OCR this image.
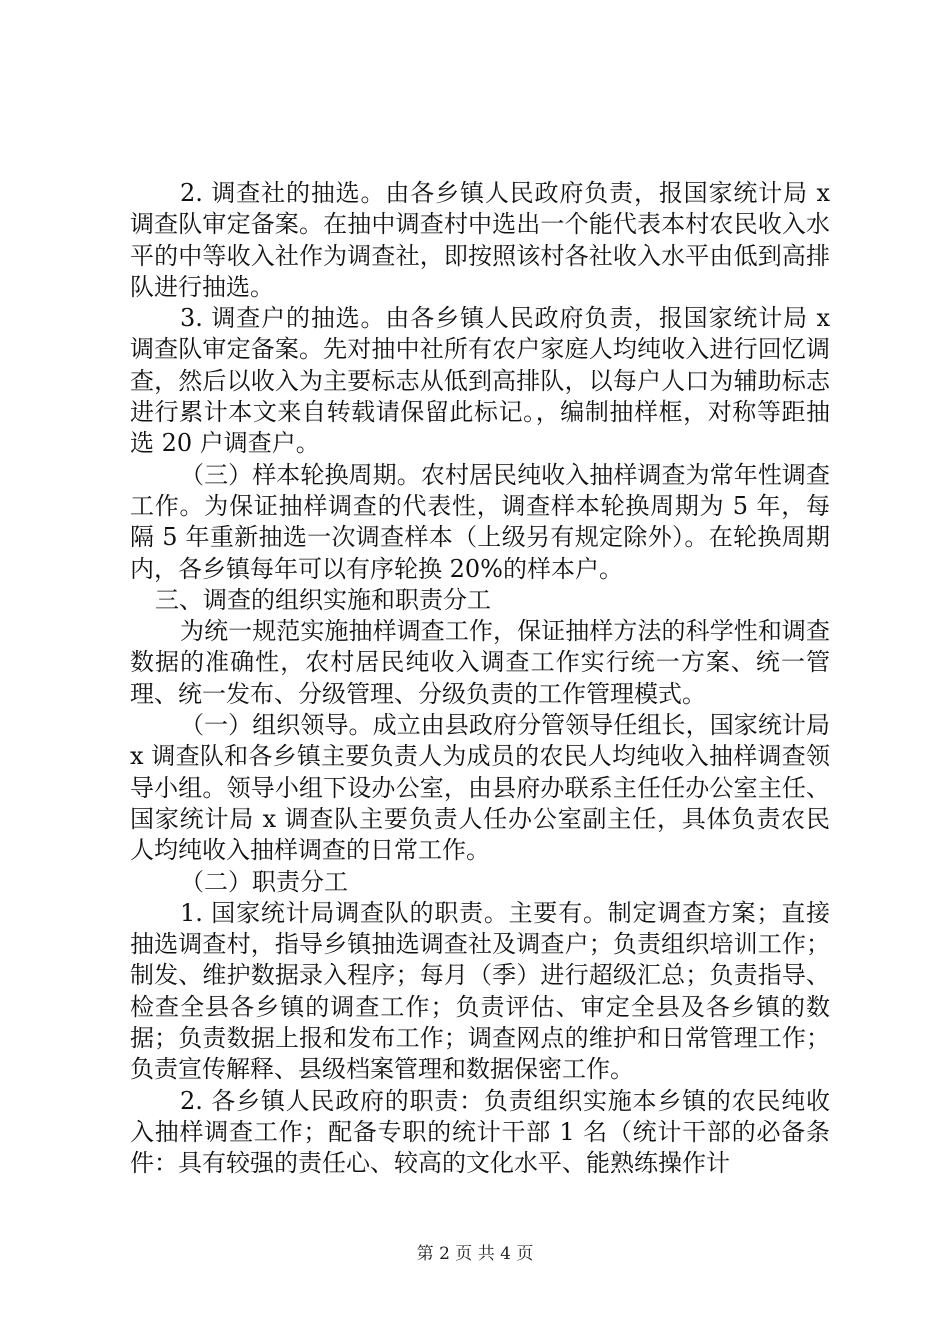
2. 调查社的抽选。由各乡镇人民政府负责，报国家统计局 x 调查队审定备案。在抽中调查村中选出一个能代表本村农民收入水平的中等收入社作为调查社，即按照该村各社收入水平由低到高排队进行抽选。

3. 调查户的抽选。由各乡镇人民政府负责，报国家统计局 x 调查队审定备案。先对抽中社所有农户家庭人均纯收入进行回忆调查，然后以收入为主要标志从低到高排队，以每户人口为辅助标志进行累计本文来自转载请保留此标记。，编制抽样框，对称等距抽选 20 户调查户。

（三）样本轮换周期。农村居民纯收入抽样调查为常年性调查工作。为保证抽样调查的代表性，调查样本轮换周期为 5 年，每隔 5 年重新抽选一次调查样本（上级另有规定除外）。在轮换周期内，各乡镇每年可以有序轮换 20%的样本户。

三、调查的组织实施和职责分工

为统一规范实施抽样调查工作，保证抽样方法的科学性和调查数据的准确性，农村居民纯收入调查工作实行统一方案、统一管理、统一发布、分级管理、分级负责的工作管理模式。

（一）组织领导。成立由县政府分管领导任组长，国家统计局 x 调查队和各乡镇主要负责人为成员的农民人均纯收入抽样调查领导小组。领导小组下设办公室，由县府办联系主任任办公室主任、国家统计局 x 调查队主要负责人任办公室副主任，具体负责农民人均纯收入抽样调查的日常工作。

（二）职责分工

1. 国家统计局调查队的职责。主要有。制定调查方案；直接抽选调查村，指导乡镇抽选调查社及调查户；负责组织培训工作；制发、维护数据录入程序；每月（季）进行超级汇总；负责指导、检查全县各乡镇的调查工作；负责评估、审定全县及各乡镇的数据；负责数据上报和发布工作；调查网点的维护和日常管理工作；负责宣传解释、县级档案管理和数据保密工作。

2. 各乡镇人民政府的职责：负责组织实施本乡镇的农民纯收入抽样调查工作；配备专职的统计干部 1 名（统计干部的必备条件：具有较强的责任心、较高的文化水平、能熟练操作计

第 2 页 共 4 页
